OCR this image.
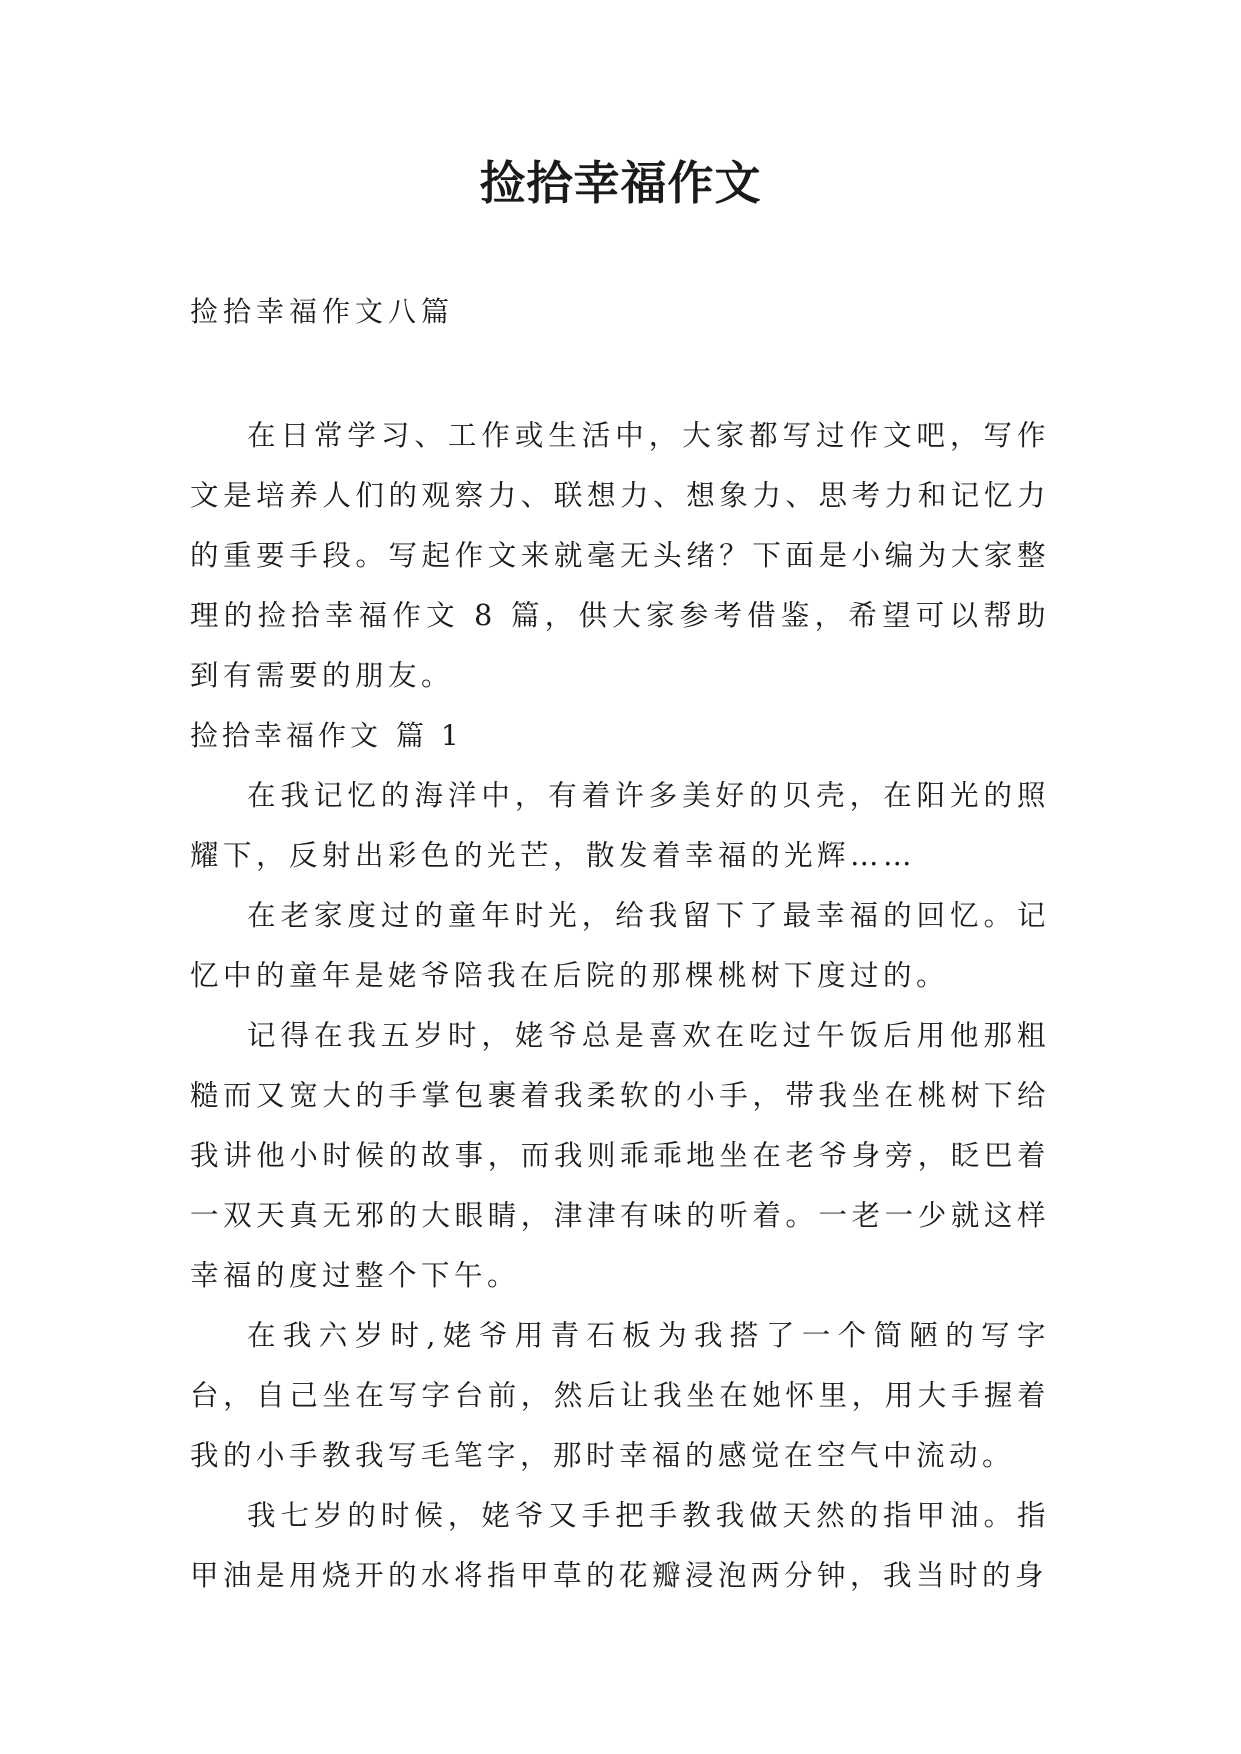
捡拾幸福作文
捡拾幸福作文八篇

在日常学习、工作或生活中，大家都写过作文吧，写作文是培养人们的观察力、联想力、想象力、思考力和记忆力的重要手段。写起作文来就毫无头绪？下面是小编为大家整理的捡拾幸福作文 8 篇，供大家参考借鉴，希望可以帮助到有需要的朋友。

捡拾幸福作文 篇 1

在我记忆的海洋中，有着许多美好的贝壳，在阳光的照耀下，反射出彩色的光芒，散发着幸福的光辉……

在老家度过的童年时光，给我留下了最幸福的回忆。记忆中的童年是姥爷陪我在后院的那棵桃树下度过的。

记得在我五岁时，姥爷总是喜欢在吃过午饭后用他那粗糙而又宽大的手掌包裹着我柔软的小手，带我坐在桃树下给我讲他小时候的故事，而我则乖乖地坐在老爷身旁，眨巴着一双天真无邪的大眼睛，津津有味的听着。一老一少就这样幸福的度过整个下午。

在我六岁时,姥爷用青石板为我搭了一个简陋的写字台，自己坐在写字台前，然后让我坐在她怀里，用大手握着我的小手教我写毛笔字，那时幸福的感觉在空气中流动。

我七岁的时候，姥爷又手把手教我做天然的指甲油。指甲油是用烧开的水将指甲草的花瓣浸泡两分钟，我当时的身
